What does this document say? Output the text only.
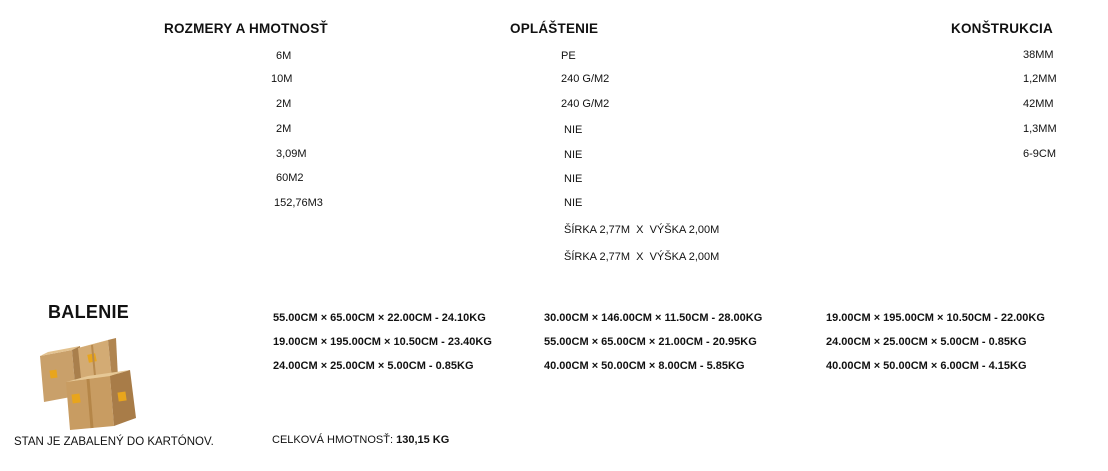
ROZMERY A HMOTNOSŤ	OPLÁŠTENIE	KONŠTRUKCIA
6M
10M
2M
2M
3,09M
60M2
152,76M3
PE
240 G/M2
240 G/M2
NIE
NIE
NIE
NIE
ŠÍRKA 2,77M  X  VÝŠKA 2,00M
ŠÍRKA 2,77M  X  VÝŠKA 2,00M
38MM
1,2MM
42MM
1,3MM
6-9CM
BALENIE
STAN JE ZABALENÝ DO KARTÓNOV.
55.00CM × 65.00CM × 22.00CM - 24.10KG
19.00CM × 195.00CM × 10.50CM - 23.40KG
24.00CM × 25.00CM × 5.00CM - 0.85KG
30.00CM × 146.00CM × 11.50CM - 28.00KG
55.00CM × 65.00CM × 21.00CM - 20.95KG
40.00CM × 50.00CM × 8.00CM - 5.85KG
19.00CM × 195.00CM × 10.50CM - 22.00KG
24.00CM × 25.00CM × 5.00CM - 0.85KG
40.00CM × 50.00CM × 6.00CM - 4.15KG
CELKOVÁ HMOTNOSŤ: 130,15 KG
